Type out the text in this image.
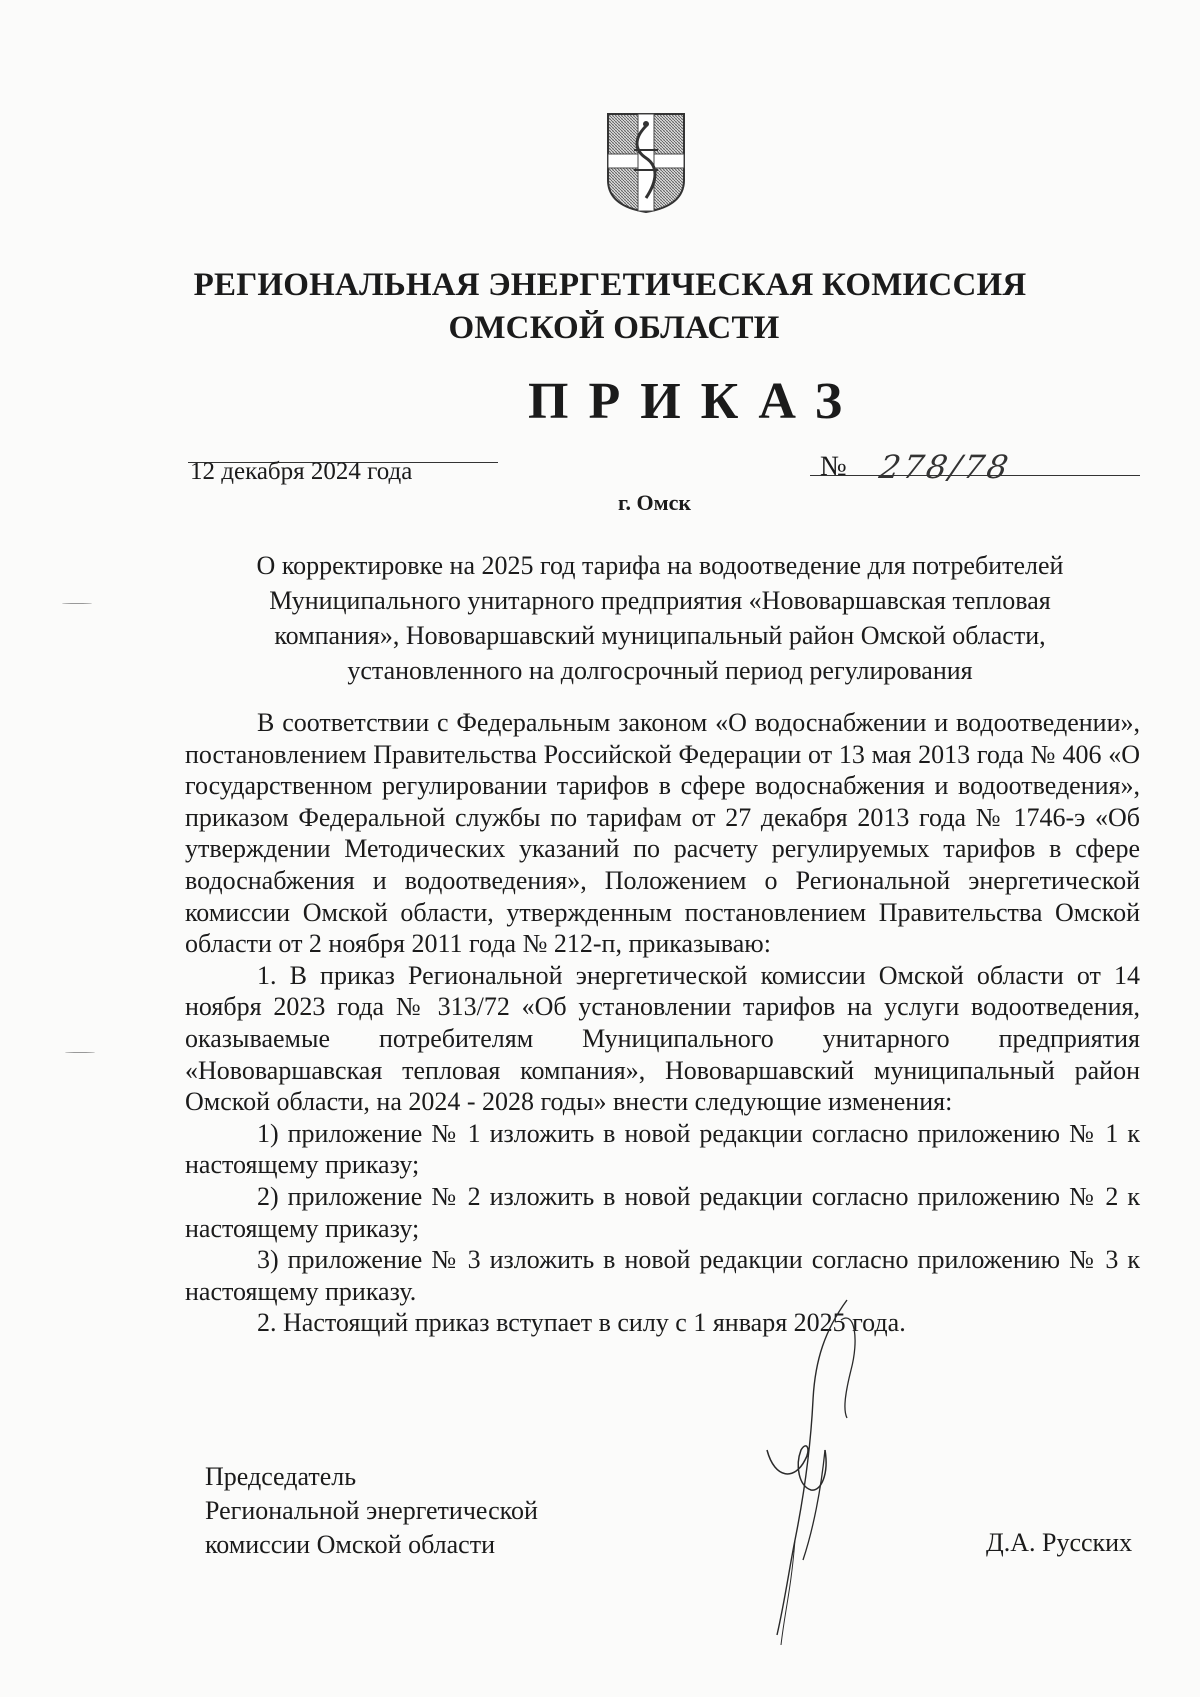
РЕГИОНАЛЬНАЯ ЭНЕРГЕТИЧЕСКАЯ КОМИССИЯ
ОМСКОЙ ОБЛАСТИ
ПРИКАЗ
12 декабря 2024 года	№ 278/78
г. Омск
О корректировке на 2025 год тарифа на водоотведение для потребителей
Муниципального унитарного предприятия «Нововаршавская тепловая
компания», Нововаршавский муниципальный район Омской области,
установленного на долгосрочный период регулирования

В соответствии с Федеральным законом «О водоснабжении и водоотведении», постановлением Правительства Российской Федерации от 13 мая 2013 года № 406 «О государственном регулировании тарифов в сфере водоснабжения и водоотведения», приказом Федеральной службы по тарифам от 27 декабря 2013 года № 1746-э «Об утверждении Методических указаний по расчету регулируемых тарифов в сфере водоснабжения и водоотведения», Положением о Региональной энергетической комиссии Омской области, утвержденным постановлением Правительства Омской области от 2 ноября 2011 года № 212-п, приказываю:

1. В приказ Региональной энергетической комиссии Омской области от 14 ноября 2023 года № 313/72 «Об установлении тарифов на услуги водоотведения, оказываемые потребителям Муниципального унитарного предприятия «Нововаршавская тепловая компания», Нововаршавский муниципальный район Омской области, на 2024 - 2028 годы» внести следующие изменения:

1) приложение № 1 изложить в новой редакции согласно приложению № 1 к настоящему приказу;

2) приложение № 2 изложить в новой редакции согласно приложению № 2 к настоящему приказу;

3) приложение № 3 изложить в новой редакции согласно приложению № 3 к настоящему приказу.

2. Настоящий приказ вступает в силу с 1 января 2025 года.

Председатель
Региональной энергетической
комиссии Омской области	Д.А. Русских
